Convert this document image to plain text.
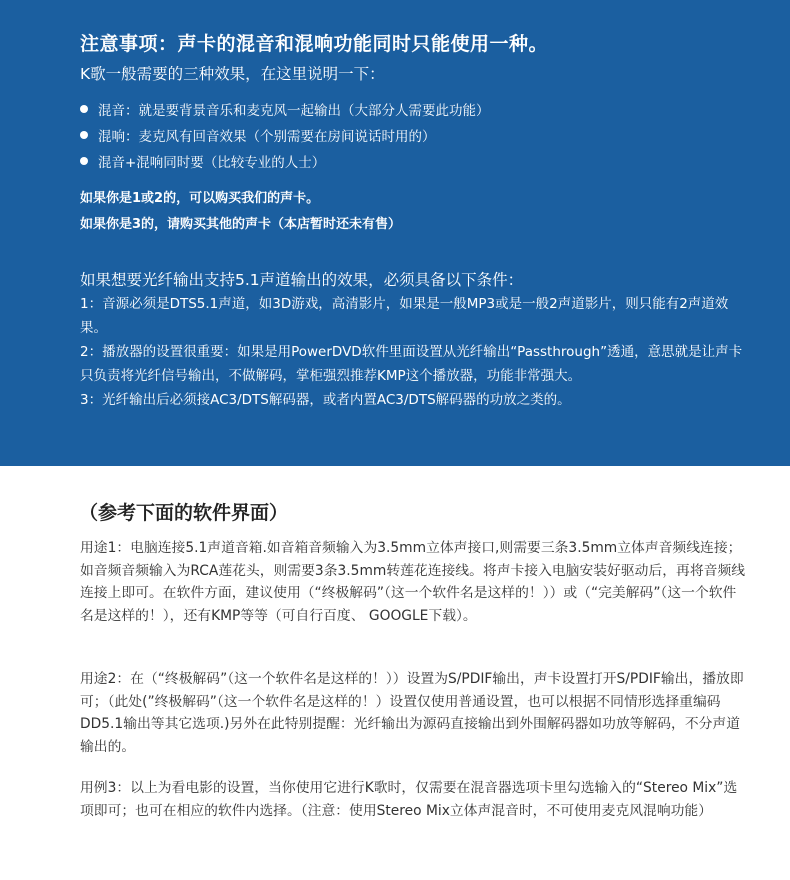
注意事项：声卡的混音和混响功能同时只能使用一种。
K歌一般需要的三种效果，在这里说明一下：
混音：就是要背景音乐和麦克风一起输出（大部分人需要此功能）
混响：麦克风有回音效果（个别需要在房间说话时用的）
混音+混响同时要（比较专业的人士）
如果你是1或2的，可以购买我们的声卡。
如果你是3的，请购买其他的声卡（本店暂时还未有售）
如果想要光纤输出支持5.1声道输出的效果，必须具备以下条件：

1：音源必须是DTS5.1声道，如3D游戏，高清影片，如果是一般MP3或是一般2声道影片，则只能有2声道效果。

2：播放器的设置很重要：如果是用PowerDVD软件里面设置从光纤输出“Passthrough”透通，意思就是让声卡只负责将光纤信号输出，不做解码，掌柜强烈推荐KMP这个播放器，功能非常强大。

3：光纤输出后必须接AC3/DTS解码器，或者内置AC3/DTS解码器的功放之类的。

（参考下面的软件界面）

用途1：电脑连接5.1声道音箱.如音箱音频输入为3.5mm立体声接口,则需要三条3.5mm立体声音频线连接；如音频音频输入为RCA莲花头，则需要3条3.5mm转莲花连接线。将声卡接入电脑安装好驱动后，再将音频线连接上即可。在软件方面，建议使用（“终极解码”（这一个软件名是这样的！））或（“完美解码”（这一个软件名是这样的！），还有KMP等等（可自行百度、 GOOGLE下载）。

用途2：在（“终极解码”（这一个软件名是这样的！））设置为S/PDIF输出，声卡设置打开S/PDIF输出，播放即可；（此处(”终极解码”（这一个软件名是这样的！）设置仅使用普通设置，也可以根据不同情形选择重编码DD5.1输出等其它选项.)另外在此特别提醒：光纤输出为源码直接输出到外围解码器如功放等解码，不分声道输出的。

用例3：以上为看电影的设置，当你使用它进行K歌时，仅需要在混音器选项卡里勾选输入的“Stereo Mix”选项即可；也可在相应的软件内选择。（注意：使用Stereo Mix立体声混音时，不可使用麦克风混响功能）
